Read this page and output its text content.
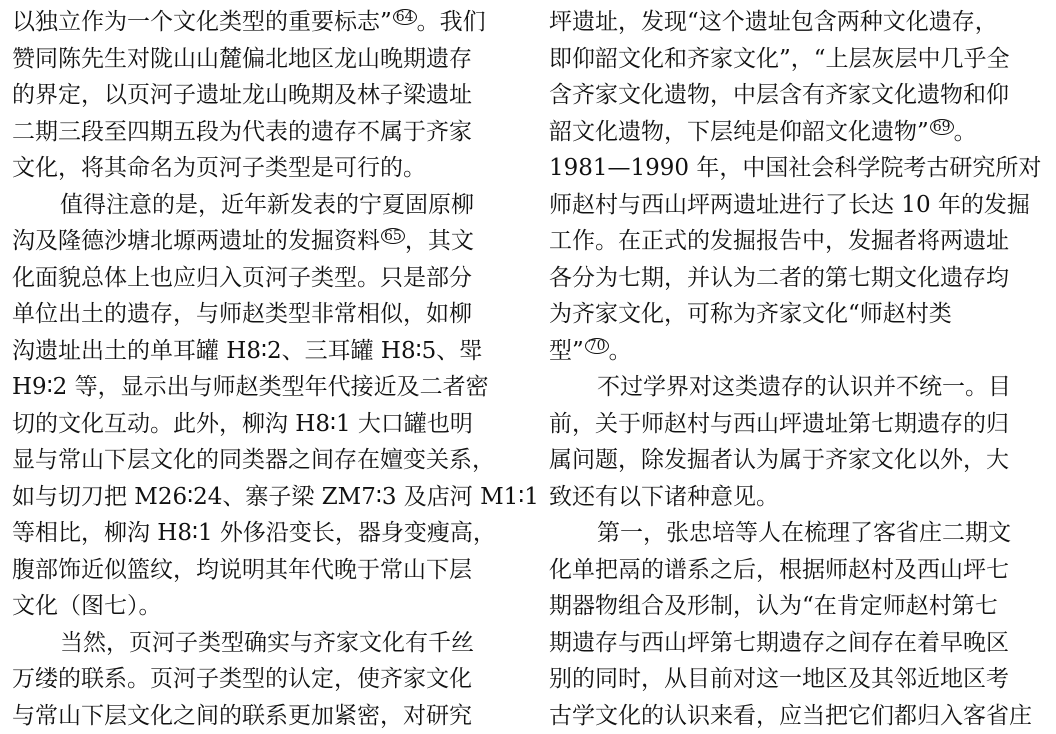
以独立作为一个文化类型的重要标志” 64 。我们
赞同陈先生对陇山山麓偏北地区龙山晚期遗存
的界定，以页河子遗址龙山晚期及林子梁遗址
二期三段至四期五段为代表的遗存不属于齐家
文化，将其命名为页河子类型是可行的。
值得注意的是，近年新发表的宁夏固原柳
沟及隆德沙塘北塬两遗址的发掘资料 65 ，其文
化面貌总体上也应归入页河子类型。只是部分
单位出土的遗存，与师赵类型非常相似，如柳
沟遗址出土的单耳罐 H8∶2、三耳罐 H8∶5、斝
H9∶2 等，显示出与师赵类型年代接近及二者密
切的文化互动。此外，柳沟 H8∶1 大口罐也明
显与常山下层文化的同类器之间存在嬗变关系，
如与切刀把 M26∶24、寨子梁 ZM7∶3 及店河 M1∶1
等相比，柳沟 H8∶1 外侈沿变长，器身变瘦高，
腹部饰近似篮纹，均说明其年代晚于常山下层
文化（图七）。
当然，页河子类型确实与齐家文化有千丝
万缕的联系。页河子类型的认定，使齐家文化
与常山下层文化之间的联系更加紧密，对研究
坪遗址，发现“这个遗址包含两种文化遗存，
即仰韶文化和齐家文化”，“上层灰层中几乎全
含齐家文化遗物，中层含有齐家文化遗物和仰
韶文化遗物，下层纯是仰韶文化遗物” 69 。
1981—1990 年，中国社会科学院考古研究所对
师赵村与西山坪两遗址进行了长达 10 年的发掘
工作。在正式的发掘报告中，发掘者将两遗址
各分为七期，并认为二者的第七期文化遗存均
为齐家文化，可称为齐家文化“师赵村类
型” 70 。
不过学界对这类遗存的认识并不统一。目
前，关于师赵村与西山坪遗址第七期遗存的归
属问题，除发掘者认为属于齐家文化以外，大
致还有以下诸种意见。
第一，张忠培等人在梳理了客省庄二期文
化单把鬲的谱系之后，根据师赵村及西山坪七
期器物组合及形制，认为“在肯定师赵村第七
期遗存与西山坪第七期遗存之间存在着早晚区
别的同时，从目前对这一地区及其邻近地区考
古学文化的认识来看，应当把它们都归入客省庄
